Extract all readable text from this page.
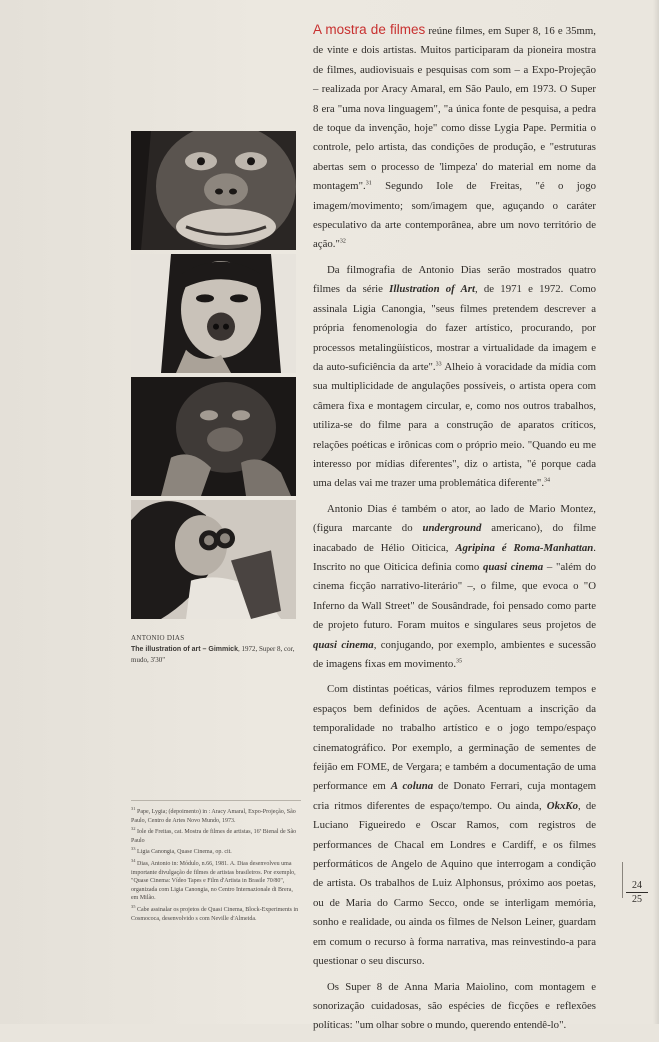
ANTONIO DIAS
The illustration of art – Gimmick, 1972, Super 8, cor, mudo, 3'30"

$^{31}$ Pape, Lygia; (depoimento) in : Aracy Amaral, Expo-Projeção, São Paulo, Centro de Artes Novo Mundo, 1973.

$^{32}$ Iole de Freitas, cat. Mostra de filmes de artistas, 16ª Bienal de São Paulo

$^{33}$ Ligia Canongia, Quase Cinema, op. cit.

$^{34}$ Dias, Antonio in: Módulo, n.66, 1981. A. Dias desenvolveu uma importante divulgação de filmes de artistas brasileiros. Por exemplo, "Quase Cinema: Vídeo Tapes e Film d'Artista in Brasile 70/80", organizada com Ligia Canongia, no Centro Internazionale di Brera, em Milão.

$^{35}$ Cabe assinalar os projetos de Quasi Cinema, Block-Experiments in Cosmococa, desenvolvido s com Neville d'Almeida.

A mostra de filmes reúne filmes, em Super 8, 16 e 35mm, de vinte e dois artistas. Muitos participaram da pioneira mostra de filmes, audiovisuais e pesquisas com som – a Expo-Projeção – realizada por Aracy Amaral, em São Paulo, em 1973. O Super 8 era "uma nova linguagem", "a única fonte de pesquisa, a pedra de toque da invenção, hoje" como disse Lygia Pape. Permitia o controle, pelo artista, das condições de produção, e "estruturas abertas sem o processo de 'limpeza' do material em nome da montagem".$^{31}$ Segundo Iole de Freitas, "é o jogo imagem/movimento; som/imagem que, aguçando o caráter especulativo da arte contemporânea, abre um novo território de ação."$^{32}$

Da filmografia de Antonio Dias serão mostrados quatro filmes da série Illustration of Art, de 1971 e 1972. Como assinala Ligia Canongia, "seus filmes pretendem descrever a própria fenomenologia do fazer artístico, procurando, por processos metalingüísticos, mostrar a virtualidade da imagem e da auto-suficiência da arte".$^{33}$ Alheio à voracidade da mídia com sua multiplicidade de angulações possíveis, o artista opera com câmera fixa e montagem circular, e, como nos outros trabalhos, utiliza-se do filme para a construção de aparatos críticos, relações poéticas e irônicas com o próprio meio. "Quando eu me interesso por mídias diferentes", diz o artista, "é porque cada uma delas vai me trazer uma problemática diferente".$^{34}$

Antonio Dias é também o ator, ao lado de Mario Montez, (figura marcante do underground americano), do filme inacabado de Hélio Oiticica, Agripina é Roma-Manhattan. Inscrito no que Oiticica definia como quasi cinema – "além do cinema ficção narrativo-literário" –, o filme, que evoca o "O Inferno da Wall Street" de Sousândrade, foi pensado como parte de projeto futuro. Foram muitos e singulares seus projetos de quasi cinema, conjugando, por exemplo, ambientes e sucessão de imagens fixas em movimento.$^{35}$

Com distintas poéticas, vários filmes reproduzem tempos e espaços bem definidos de ações. Acentuam a inscrição da temporalidade no trabalho artístico e o jogo tempo/espaço cinematográfico. Por exemplo, a germinação de sementes de feijão em FOME, de Vergara; e também a documentação de uma performance em A coluna de Donato Ferrari, cuja montagem cria ritmos diferentes de espaço/tempo. Ou ainda, OkxKo, de Luciano Figueiredo e Oscar Ramos, com registros de performances de Chacal em Londres e Cardiff, e os filmes performáticos de Angelo de Aquino que interrogam a condição de artista. Os trabalhos de Luiz Alphonsus, próximo aos poetas, ou de Maria do Carmo Secco, onde se interligam memória, sonho e realidade, ou ainda os filmes de Nelson Leiner, guardam em comum o recurso à forma narrativa, mas reinvestindo-a para questionar o seu discurso.

Os Super 8 de Anna Maria Maiolino, com montagem e sonorização cuidadosas, são espécies de ficções e reflexões políticas: "um olhar sobre o mundo, querendo entendê-lo".

24
25
